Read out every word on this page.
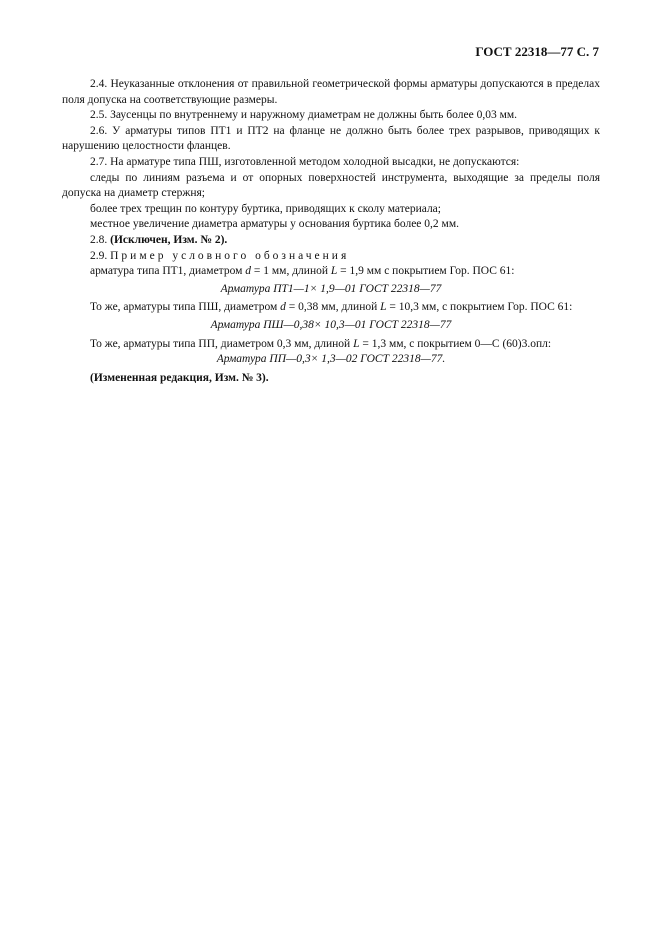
ГОСТ 22318—77 С. 7

2.4. Неуказанные отклонения от правильной геометрической формы арматуры допускаются в пределах поля допуска на соответствующие размеры.

2.5. Заусенцы по внутреннему и наружному диаметрам не должны быть более 0,03 мм.

2.6. У арматуры типов ПТ1 и ПТ2 на фланце не должно быть более трех разрывов, приводящих к нарушению целостности фланцев.

2.7. На арматуре типа ПШ, изготовленной методом холодной высадки, не допускаются:

следы по линиям разъема и от опорных поверхностей инструмента, выходящие за пределы поля допуска на диаметр стержня;

более трех трещин по контуру буртика, приводящих к сколу материала;

местное увеличение диаметра арматуры у основания буртика более 0,2 мм.

2.8. (Исключен, Изм. № 2).

2.9. Пример условного обозначения

арматура типа ПТ1, диаметром d = 1 мм, длиной L = 1,9 мм с покрытием Гор. ПОС 61:

Арматура ПТ1—1× 1,9—01 ГОСТ 22318—77

То же, арматуры типа ПШ, диаметром d = 0,38 мм, длиной L = 10,3 мм, с покрытием Гор. ПОС 61:

Арматура ПШ—0,38× 10,3—01 ГОСТ 22318—77

То же, арматуры типа ПП, диаметром 0,3 мм, длиной L = 1,3 мм, с покрытием 0—С (60)3.опл:

Арматура ПП—0,3× 1,3—02 ГОСТ 22318—77.

(Измененная редакция, Изм. № 3).
